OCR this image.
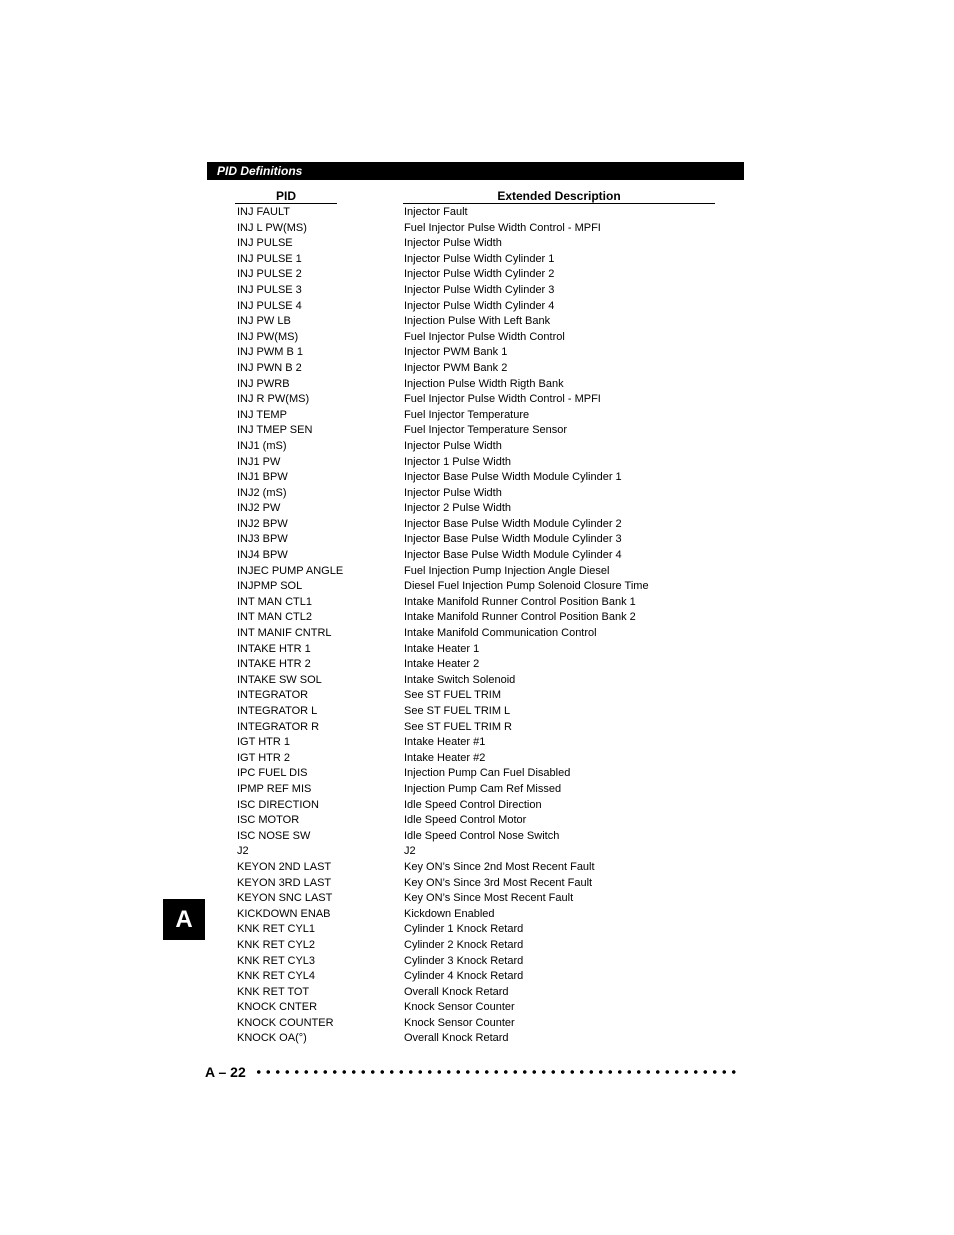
PID Definitions
PID	Extended Description
INJ FAULT	Injector Fault
INJ L PW(MS)	Fuel Injector Pulse Width Control - MPFI
INJ PULSE	Injector Pulse Width
INJ PULSE 1	Injector Pulse Width Cylinder 1
INJ PULSE 2	Injector Pulse Width Cylinder 2
INJ PULSE 3	Injector Pulse Width Cylinder 3
INJ PULSE 4	Injector Pulse Width Cylinder 4
INJ PW LB	Injection Pulse With Left Bank
INJ PW(MS)	Fuel Injector Pulse Width Control
INJ PWM B 1	Injector PWM Bank 1
INJ PWN B 2	Injector PWM Bank 2
INJ PWRB	Injection Pulse Width Rigth Bank
INJ R PW(MS)	Fuel Injector Pulse Width Control - MPFI
INJ TEMP	Fuel Injector Temperature
INJ TMEP SEN	Fuel Injector Temperature Sensor
INJ1 (mS)	Injector Pulse Width
INJ1 PW	Injector 1 Pulse Width
INJ1 BPW	Injector Base Pulse Width Module Cylinder 1
INJ2 (mS)	Injector Pulse Width
INJ2 PW	Injector 2 Pulse Width
INJ2 BPW	Injector Base Pulse Width Module Cylinder 2
INJ3 BPW	Injector Base Pulse Width Module Cylinder 3
INJ4 BPW	Injector Base Pulse Width Module Cylinder 4
INJEC PUMP ANGLE	Fuel Injection Pump Injection Angle Diesel
INJPMP SOL	Diesel Fuel Injection Pump Solenoid Closure Time
INT MAN CTL1	Intake Manifold Runner Control Position Bank 1
INT MAN CTL2	Intake Manifold Runner Control Position Bank 2
INT MANIF CNTRL	Intake Manifold Communication Control
INTAKE HTR 1	Intake Heater 1
INTAKE HTR 2	Intake Heater 2
INTAKE SW SOL	Intake Switch Solenoid
INTEGRATOR	See ST FUEL TRIM
INTEGRATOR L	See ST FUEL TRIM L
INTEGRATOR R	See ST FUEL TRIM R
IGT HTR 1	Intake Heater #1
IGT HTR 2	Intake Heater #2
IPC FUEL DIS	Injection Pump Can Fuel Disabled
IPMP REF MIS	Injection Pump Cam Ref Missed
ISC DIRECTION	Idle Speed Control Direction
ISC MOTOR	Idle Speed Control Motor
ISC NOSE SW	Idle Speed Control Nose Switch
J2	J2
KEYON 2ND LAST	Key ON’s Since 2nd Most Recent Fault
KEYON 3RD LAST	Key ON’s Since 3rd Most Recent Fault
KEYON SNC LAST	Key ON’s Since Most Recent Fault
KICKDOWN ENAB	Kickdown Enabled
KNK RET CYL1	Cylinder 1 Knock Retard
KNK RET CYL2	Cylinder 2 Knock Retard
KNK RET CYL3	Cylinder 3 Knock Retard
KNK RET CYL4	Cylinder 4 Knock Retard
KNK RET TOT	Overall Knock Retard
KNOCK CNTER	Knock Sensor Counter
KNOCK COUNTER	Knock Sensor Counter
KNOCK OA(°)	Overall Knock Retard
A
A – 22
